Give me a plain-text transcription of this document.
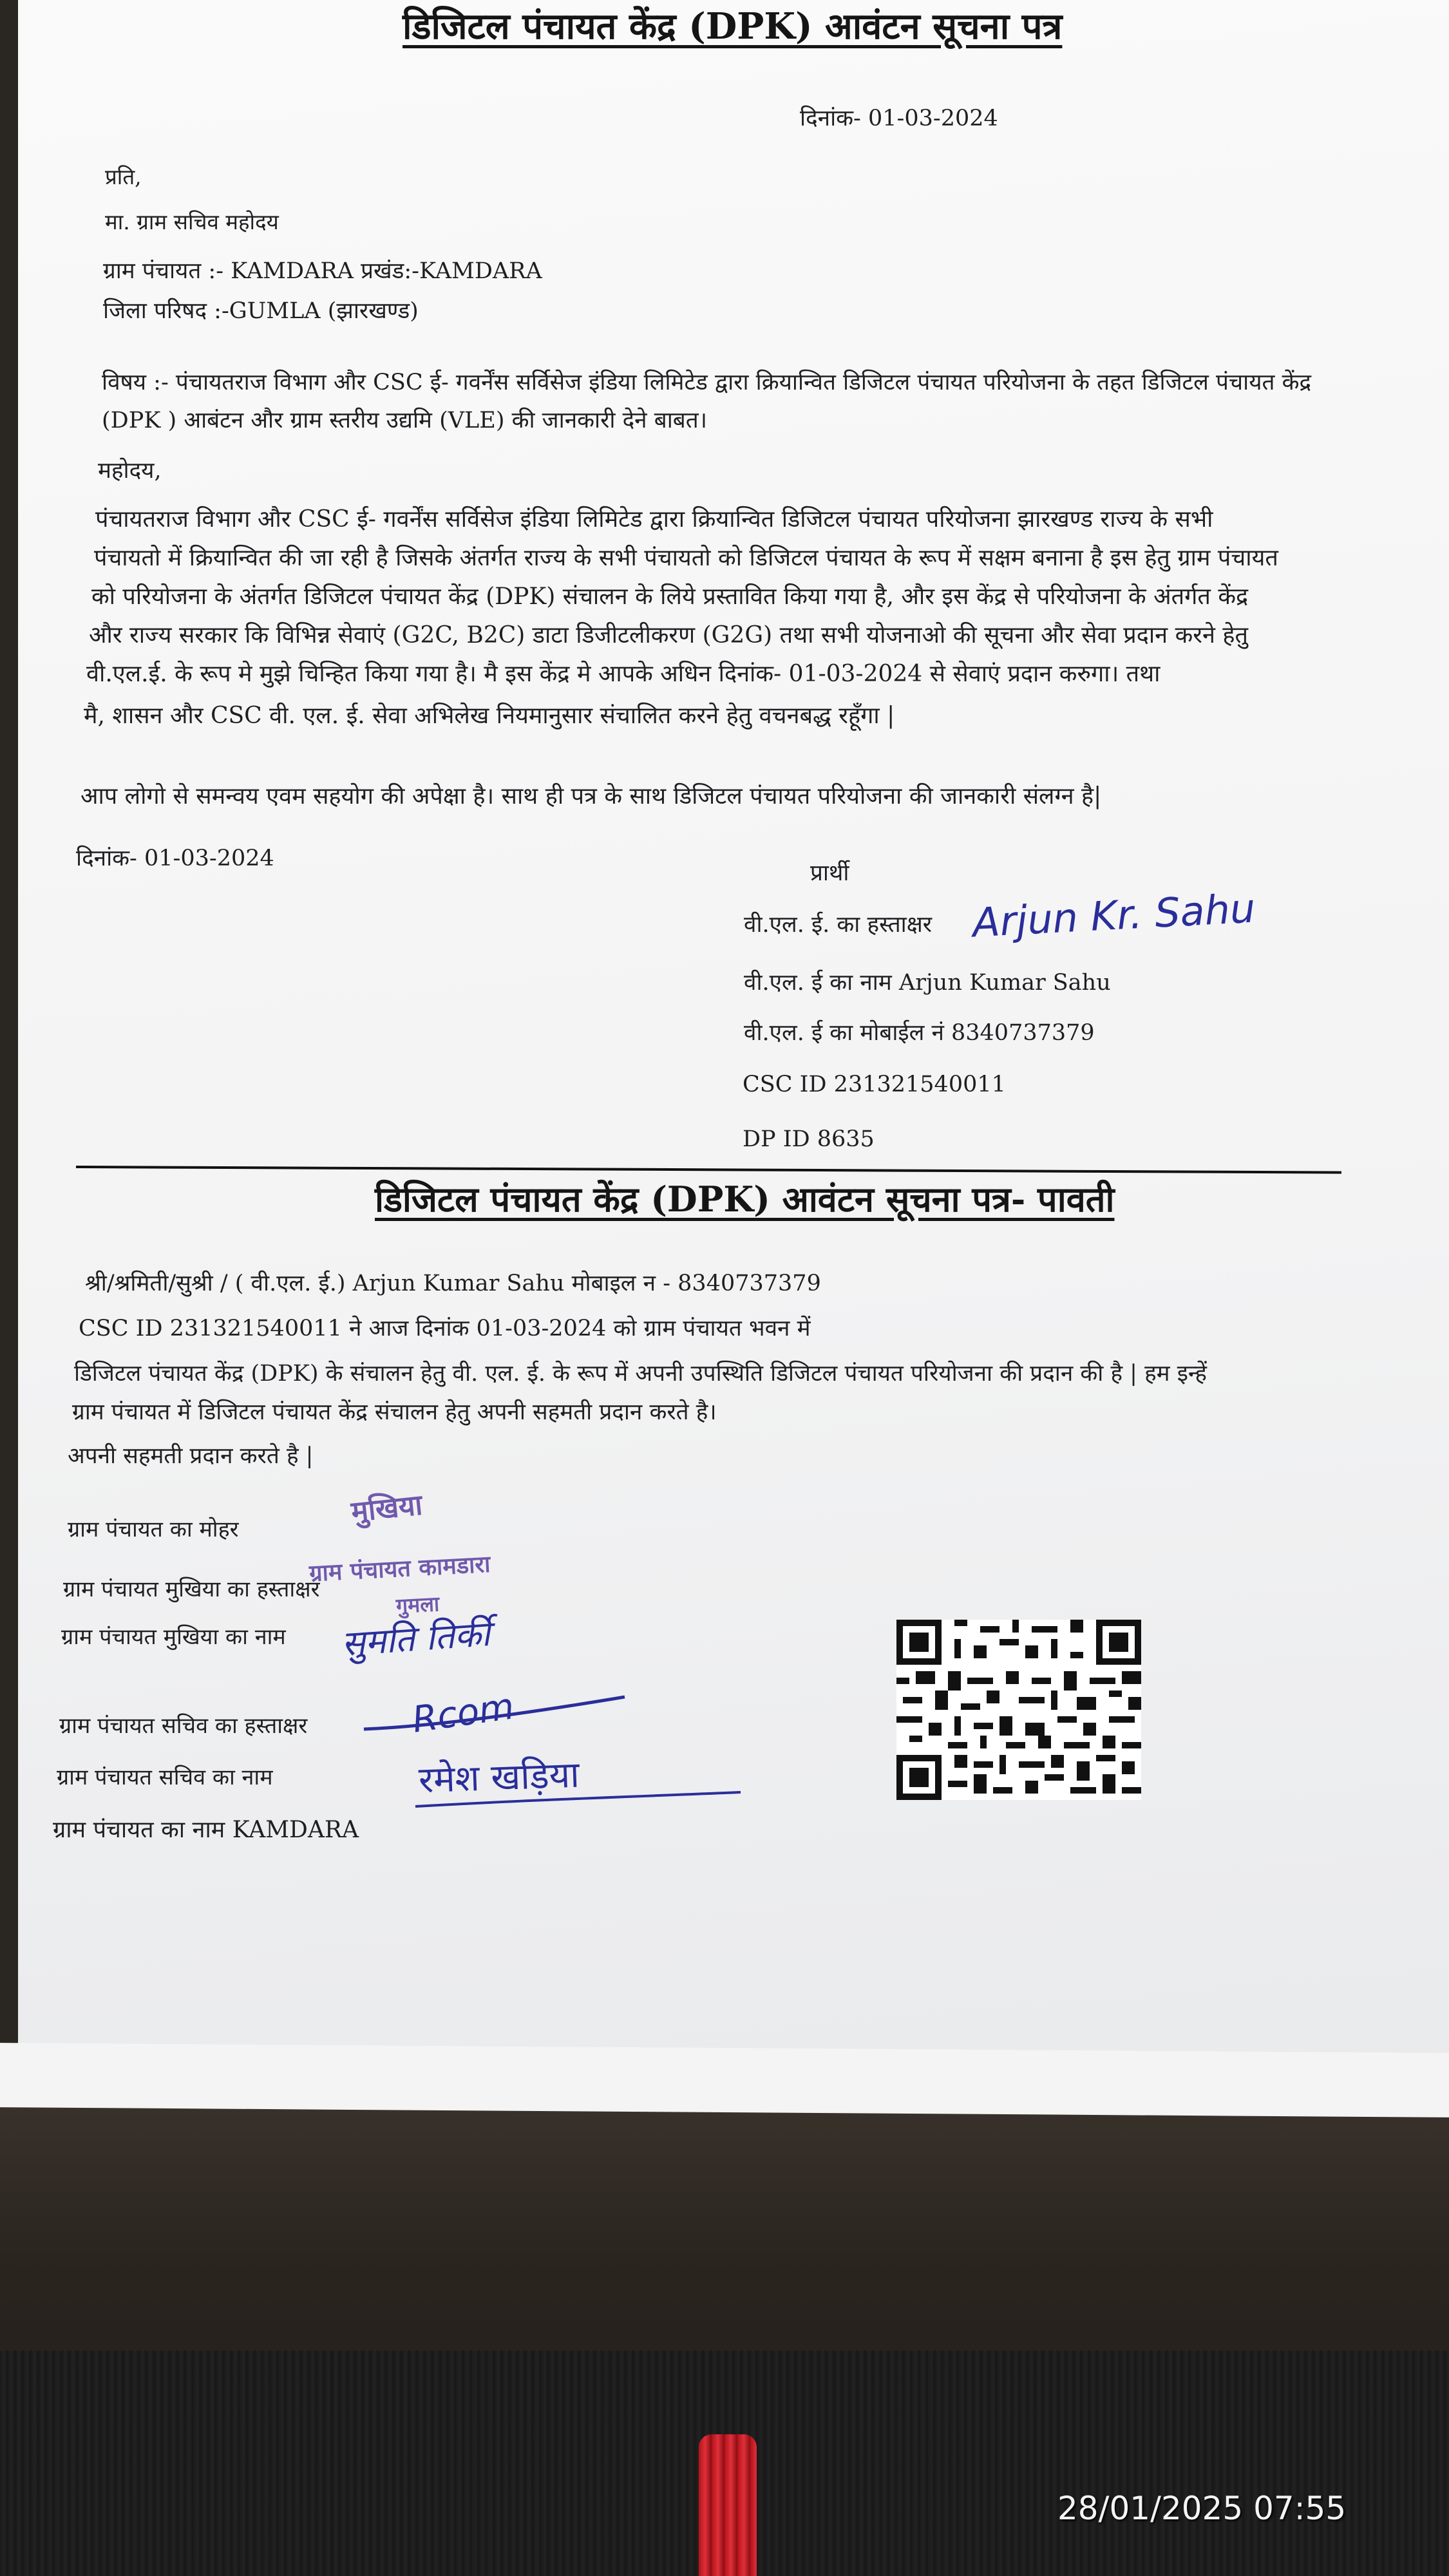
डिजिटल पंचायत केंद्र (DPK) आवंटन सूचना पत्र
दिनांक- 01-03-2024
प्रति,
मा. ग्राम सचिव महोदय
ग्राम पंचायत :- KAMDARA प्रखंड:-KAMDARA
जिला परिषद :-GUMLA (झारखण्ड)
विषय :- पंचायतराज विभाग और CSC ई- गवर्नेंस सर्विसेज इंडिया लिमिटेड द्वारा क्रियान्वित डिजिटल पंचायत परियोजना के तहत डिजिटल पंचायत केंद्र (DPK ) आबंटन और ग्राम स्तरीय उद्यमि (VLE) की जानकारी देने बाबत।
महोदय,
पंचायतराज विभाग और CSC ई- गवर्नेंस सर्विसेज इंडिया लिमिटेड द्वारा क्रियान्वित डिजिटल पंचायत परियोजना झारखण्ड राज्य के सभी
पंचायतो में क्रियान्वित की जा रही है जिसके अंतर्गत राज्य के सभी पंचायतो को डिजिटल पंचायत के रूप में सक्षम बनाना है इस हेतु ग्राम पंचायत
को परियोजना के अंतर्गत डिजिटल पंचायत केंद्र (DPK) संचालन के लिये प्रस्तावित किया गया है, और इस केंद्र से परियोजना के अंतर्गत केंद्र
और राज्य सरकार कि विभिन्न सेवाएं (G2C, B2C) डाटा डिजीटलीकरण (G2G) तथा सभी योजनाओ की सूचना और सेवा प्रदान करने हेतु
वी.एल.ई. के रूप मे मुझे चिन्हित किया गया है। मै इस केंद्र मे आपके अधिन दिनांक- 01-03-2024 से सेवाएं प्रदान करुगा। तथा
मै, शासन और CSC वी. एल. ई. सेवा अभिलेख नियमानुसार संचालित करने हेतु वचनबद्ध रहूँगा |
आप लोगो से समन्वय एवम सहयोग की अपेक्षा है। साथ ही पत्र के साथ डिजिटल पंचायत परियोजना की जानकारी संलग्न है|
दिनांक- 01-03-2024
प्रार्थी
वी.एल. ई. का हस्ताक्षर Arjun Kr. Sahu
वी.एल. ई का नाम Arjun Kumar Sahu
वी.एल. ई का मोबाईल नं 8340737379
CSC ID 231321540011
DP ID 8635
डिजिटल पंचायत केंद्र (DPK) आवंटन सूचना पत्र- पावती
श्री/श्रमिती/सुश्री / ( वी.एल. ई.) Arjun Kumar Sahu मोबाइल न - 8340737379
CSC ID 231321540011 ने आज दिनांक 01-03-2024 को ग्राम पंचायत भवन में
डिजिटल पंचायत केंद्र (DPK) के संचालन हेतु वी. एल. ई. के रूप में अपनी उपस्थिति डिजिटल पंचायत परियोजना की प्रदान की है | हम इन्हें
ग्राम पंचायत में डिजिटल पंचायत केंद्र संचालन हेतु अपनी सहमती प्रदान करते है।
अपनी सहमती प्रदान करते है |
ग्राम पंचायत का मोहर
ग्राम पंचायत मुखिया का हस्ताक्षर
ग्राम पंचायत मुखिया का नाम
ग्राम पंचायत सचिव का हस्ताक्षर
ग्राम पंचायत सचिव का नाम
ग्राम पंचायत का नाम KAMDARA
मुखिया
ग्राम पंचायत कामडारा
गुमला
सुमति तिर्की
Rcom
रमेश खड़िया
28/01/2025 07:55
